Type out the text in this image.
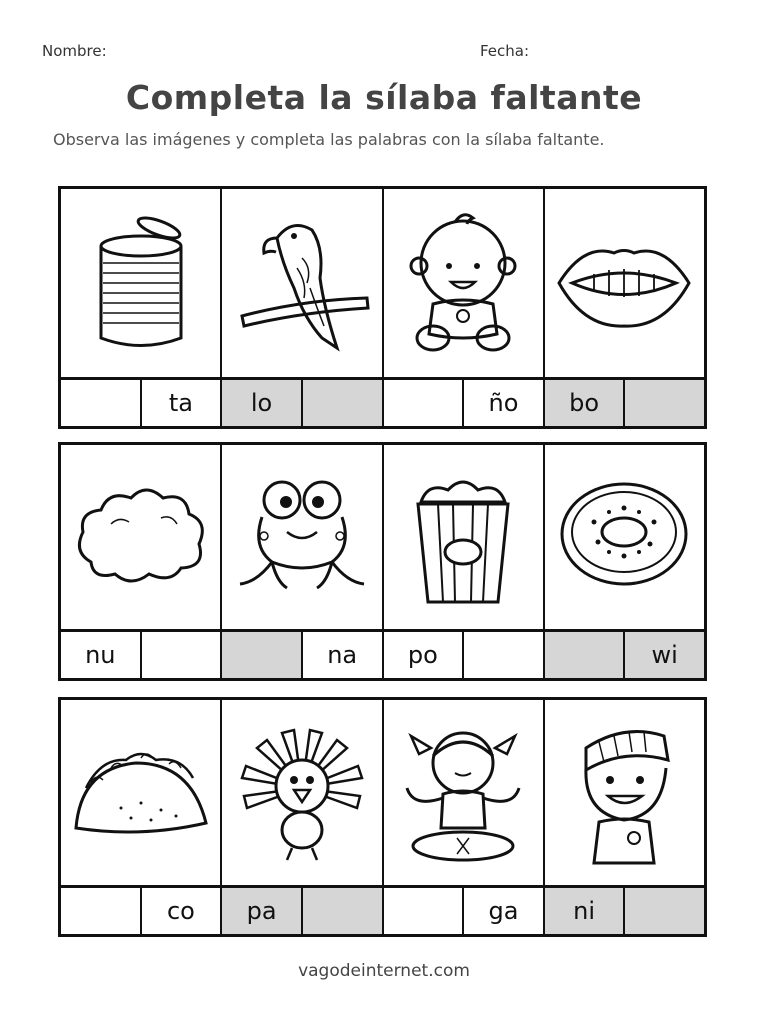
Nombre:	Fecha:
Completa la sílaba faltante
Observa las imágenes y completa las palabras con la sílaba faltante.
ta	lo	ño	bo
nu	na	po	wi
co	pa	ga	ni
vagodeinternet.com
